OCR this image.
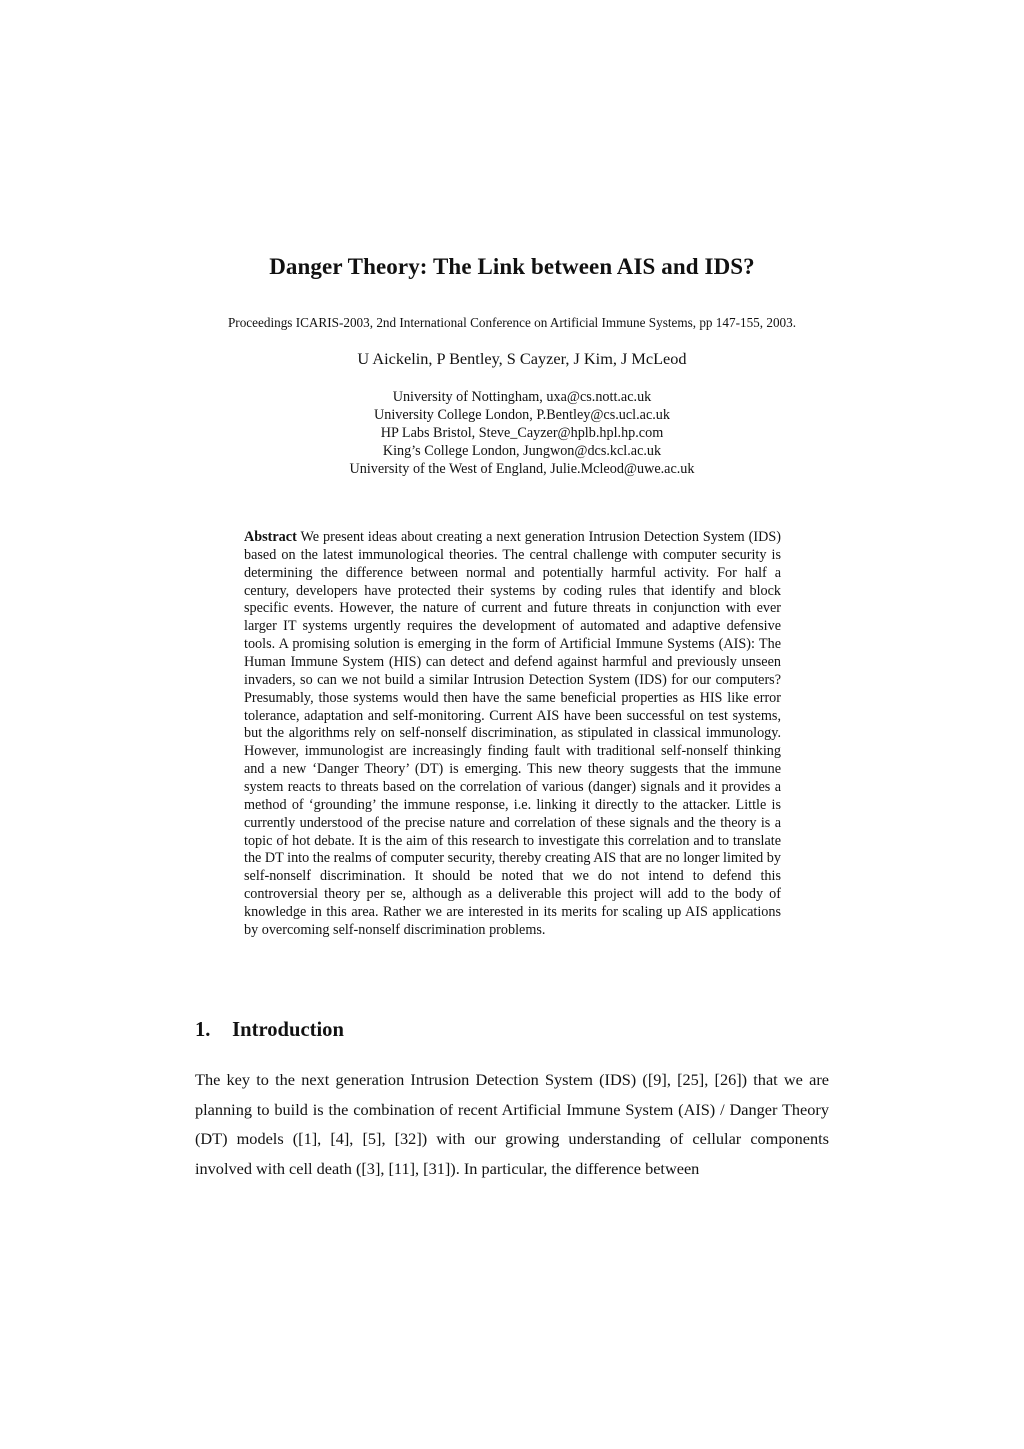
Danger Theory: The Link between AIS and IDS?
Proceedings ICARIS-2003, 2nd International Conference on Artificial Immune Systems, pp 147-155, 2003.
U Aickelin, P Bentley, S Cayzer, J Kim, J McLeod
University of Nottingham, uxa@cs.nott.ac.uk
University College London, P.Bentley@cs.ucl.ac.uk
HP Labs Bristol, Steve_Cayzer@hplb.hpl.hp.com
King’s College London, Jungwon@dcs.kcl.ac.uk
University of the West of England, Julie.Mcleod@uwe.ac.uk
Abstract We present ideas about creating a next generation Intrusion Detection System (IDS) based on the latest immunological theories. The central challenge with computer security is determining the difference between normal and potentially harmful activity. For half a century, developers have protected their systems by coding rules that identify and block specific events. However, the nature of current and future threats in conjunction with ever larger IT systems urgently requires the development of automated and adaptive defensive tools. A promising solution is emerging in the form of Artificial Immune Systems (AIS): The Human Immune System (HIS) can detect and defend against harmful and previously unseen invaders, so can we not build a similar Intrusion Detection System (IDS) for our computers? Presumably, those systems would then have the same beneficial properties as HIS like error tolerance, adaptation and self-monitoring. Current AIS have been successful on test systems, but the algorithms rely on self-nonself discrimination, as stipulated in classical immunology. However, immunologist are increasingly finding fault with traditional self-nonself thinking and a new ‘Danger Theory’ (DT) is emerging. This new theory suggests that the immune system reacts to threats based on the correlation of various (danger) signals and it provides a method of ‘grounding’ the immune response, i.e. linking it directly to the attacker. Little is currently understood of the precise nature and correlation of these signals and the theory is a topic of hot debate. It is the aim of this research to investigate this correlation and to translate the DT into the realms of computer security, thereby creating AIS that are no longer limited by self-nonself discrimination. It should be noted that we do not intend to defend this controversial theory per se, although as a deliverable this project will add to the body of knowledge in this area. Rather we are interested in its merits for scaling up AIS applications by overcoming self-nonself discrimination problems.
1. Introduction
The key to the next generation Intrusion Detection System (IDS) ([9], [25], [26]) that we are planning to build is the combination of recent Artificial Immune System (AIS) / Danger Theory (DT) models ([1], [4], [5], [32]) with our growing understanding of cellular components involved with cell death ([3], [11], [31]). In particular, the difference between
